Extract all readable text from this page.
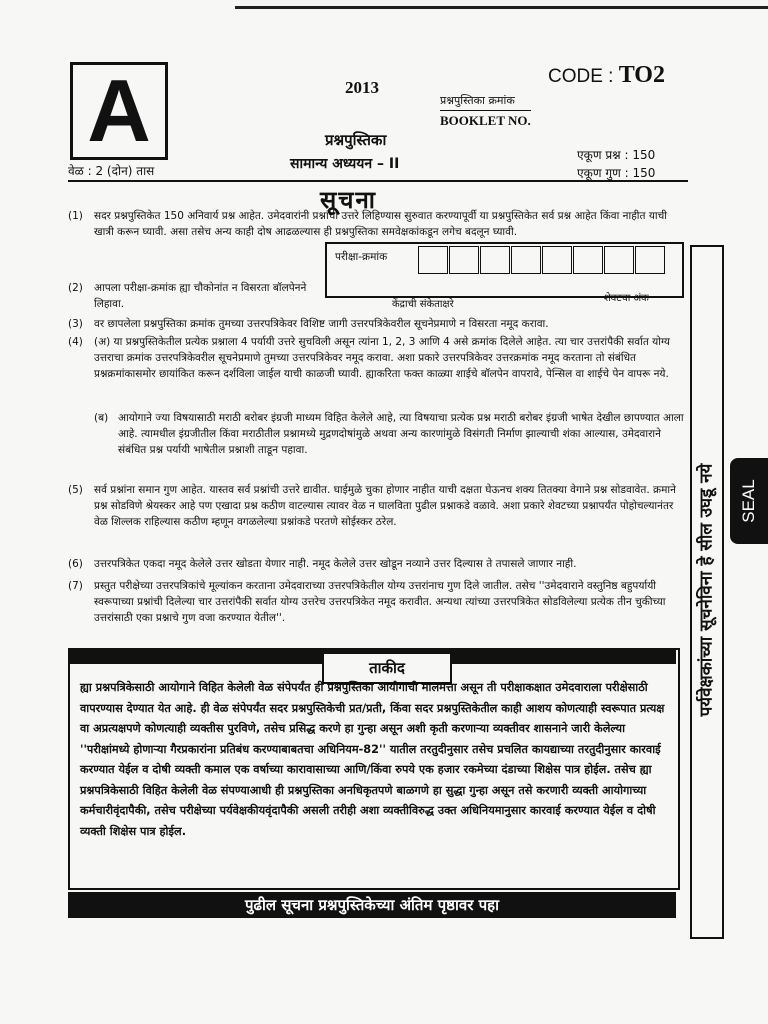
A	2013
CODE : TO2
प्रश्नपुस्तिका क्रमांक
BOOKLET NO.
प्रश्नपुस्तिका
सामान्य अध्ययन – II
वेळ : 2 (दोन) तास
एकूण प्रश्न : 150
एकूण गुण : 150
सूचना
(1) सदर प्रश्नपुस्तिकेत 150 अनिवार्य प्रश्न आहेत. उमेदवारांनी प्रश्नांची उत्तरे लिहिण्यास सुरुवात करण्यापूर्वी या प्रश्नपुस्तिकेत सर्व प्रश्न आहेत किंवा नाहीत याची खात्री करून घ्यावी. असा तसेच अन्य काही दोष आढळल्यास ही प्रश्नपुस्तिका समवेक्षकांकडून लगेच बदलून घ्यावी.
परीक्षा-क्रमांक
केंद्राची संकेताक्षरे
शेवटचा अंक
(2) आपला परीक्षा-क्रमांक ह्या चौकोनांत न विसरता बॉलपेनने लिहावा.
(3) वर छापलेला प्रश्नपुस्तिका क्रमांक तुमच्या उत्तरपत्रिकेवर विशिष्ट जागी उत्तरपत्रिकेवरील सूचनेप्रमाणे न विसरता नमूद करावा.
(4) (अ) या प्रश्नपुस्तिकेतील प्रत्येक प्रश्नाला 4 पर्यायी उत्तरे सुचविली असून त्यांना 1, 2, 3 आणि 4 असे क्रमांक दिलेले आहेत. त्या चार उत्तरांपैकी सर्वात योग्य उत्तराचा क्रमांक उत्तरपत्रिकेवरील सूचनेप्रमाणे तुमच्या उत्तरपत्रिकेवर नमूद करावा. अशा प्रकारे उत्तरपत्रिकेवर उत्तरक्रमांक नमूद करताना तो संबंधित प्रश्नक्रमांकासमोर छायांकित करून दर्शविला जाईल याची काळजी घ्यावी. ह्याकरिता फक्त काळ्या शाईचे बॉलपेन वापरावे, पेन्सिल वा शाईचे पेन वापरू नये.
(ब) आयोगाने ज्या विषयासाठी मराठी बरोबर इंग्रजी माध्यम विहित केलेले आहे, त्या विषयाचा प्रत्येक प्रश्न मराठी बरोबर इंग्रजी भाषेत देखील छापण्यात आला आहे. त्यामधील इंग्रजीतील किंवा मराठीतील प्रश्नामध्ये मुद्रणदोषांमुळे अथवा अन्य कारणांमुळे विसंगती निर्माण झाल्याची शंका आल्यास, उमेदवाराने संबंधित प्रश्न पर्यायी भाषेतील प्रश्नाशी ताडून पहावा.
(5) सर्व प्रश्नांना समान गुण आहेत. यास्तव सर्व प्रश्नांची उत्तरे द्यावीत. घाईमुळे चुका होणार नाहीत याची दक्षता घेऊनच शक्य तितक्या वेगाने प्रश्न सोडवावेत. क्रमाने प्रश्न सोडविणे श्रेयस्कर आहे पण एखादा प्रश्न कठीण वाटल्यास त्यावर वेळ न घालविता पुढील प्रश्नाकडे वळावे. अशा प्रकारे शेवटच्या प्रश्नापर्यंत पोहोचल्यानंतर वेळ शिल्लक राहिल्यास कठीण म्हणून वगळलेल्या प्रश्नांकडे परतणे सोईस्कर ठरेल.
(6) उत्तरपत्रिकेत एकदा नमूद केलेले उत्तर खोडता येणार नाही. नमूद केलेले उत्तर खोडून नव्याने उत्तर दिल्यास ते तपासले जाणार नाही.
(7) प्रस्तुत परीक्षेच्या उत्तरपत्रिकांचे मूल्यांकन करताना उमेदवाराच्या उत्तरपत्रिकेतील योग्य उत्तरांनाच गुण दिले जातील. तसेच ''उमेदवाराने वस्तुनिष्ठ बहुपर्यायी स्वरूपाच्या प्रश्नांची दिलेल्या चार उत्तरांपैकी सर्वात योग्य उत्तरेच उत्तरपत्रिकेत नमूद करावीत. अन्यथा त्यांच्या उत्तरपत्रिकेत सोडविलेल्या प्रत्येक तीन चुकीच्या उत्तरांसाठी एका प्रश्नाचे गुण वजा करण्यात येतील''.	पर्यवेक्षकांच्या सूचनेविना हे सील उघडू नये SEAL
ताकीद
ह्या प्रश्नपत्रिकेसाठी आयोगाने विहित केलेली वेळ संपेपर्यंत ही प्रश्नपुस्तिका आयोगाची मालमत्ता असून ती परीक्षाकक्षात उमेदवाराला परीक्षेसाठी वापरण्यास देण्यात येत आहे. ही वेळ संपेपर्यंत सदर प्रश्नपुस्तिकेची प्रत/प्रती, किंवा सदर प्रश्नपुस्तिकेतील काही आशय कोणत्याही स्वरूपात प्रत्यक्ष वा अप्रत्यक्षपणे कोणत्याही व्यक्तीस पुरविणे, तसेच प्रसिद्ध करणे हा गुन्हा असून अशी कृती करणाऱ्या व्यक्तीवर शासनाने जारी केलेल्या ''परीक्षांमध्ये होणाऱ्या गैरप्रकारांना प्रतिबंध करण्याबाबतचा अधिनियम-82'' यातील तरतुदीनुसार तसेच प्रचलित कायद्याच्या तरतुदीनुसार कारवाई करण्यात येईल व दोषी व्यक्ती कमाल एक वर्षाच्या कारावासाच्या आणि/किंवा रुपये एक हजार रकमेच्या दंडाच्या शिक्षेस पात्र होईल. तसेच ह्या प्रश्नपत्रिकेसाठी विहित केलेली वेळ संपण्याआधी ही प्रश्नपुस्तिका अनधिकृतपणे बाळगणे हा सुद्धा गुन्हा असून तसे करणारी व्यक्ती आयोगाच्या कर्मचारीवृंदापैकी, तसेच परीक्षेच्या पर्यवेक्षकीयवृंदापैकी असली तरीही अशा व्यक्तीविरुद्ध उक्त अधिनियमानुसार कारवाई करण्यात येईल व दोषी व्यक्ती शिक्षेस पात्र होईल.
पुढील सूचना प्रश्नपुस्तिकेच्या अंतिम पृष्ठावर पहा
